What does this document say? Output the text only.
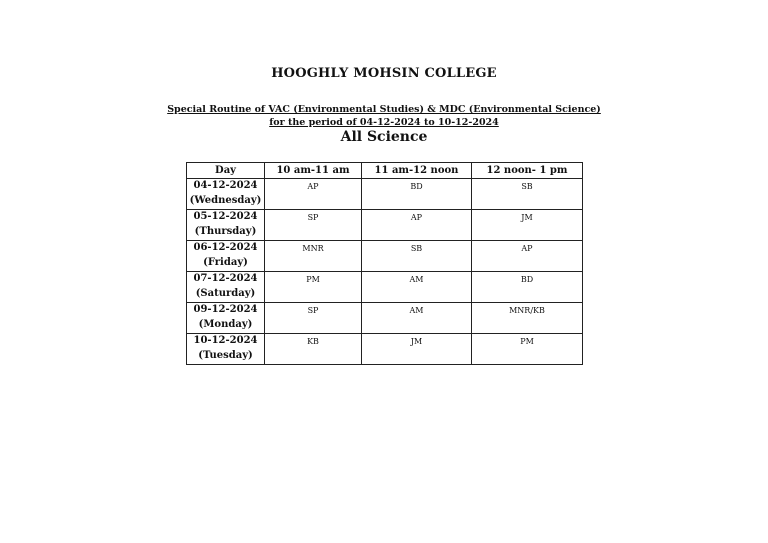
HOOGHLY MOHSIN COLLEGE
Special Routine of VAC (Environmental Studies) & MDC (Environmental Science)
for the period of 04-12-2024 to 10-12-2024
All Science
Day	10 am-11 am	11 am-12 noon	12 noon- 1 pm

04-12-2024
(Wednesday)	AP	BD	SB

05-12-2024
(Thursday)	SP	AP	JM

06-12-2024
(Friday)	MNR	SB	AP

07-12-2024
(Saturday)	PM	AM	BD

09-12-2024
(Monday)	SP	AM	MNR/KB

10-12-2024
(Tuesday)	KB	JM	PM
